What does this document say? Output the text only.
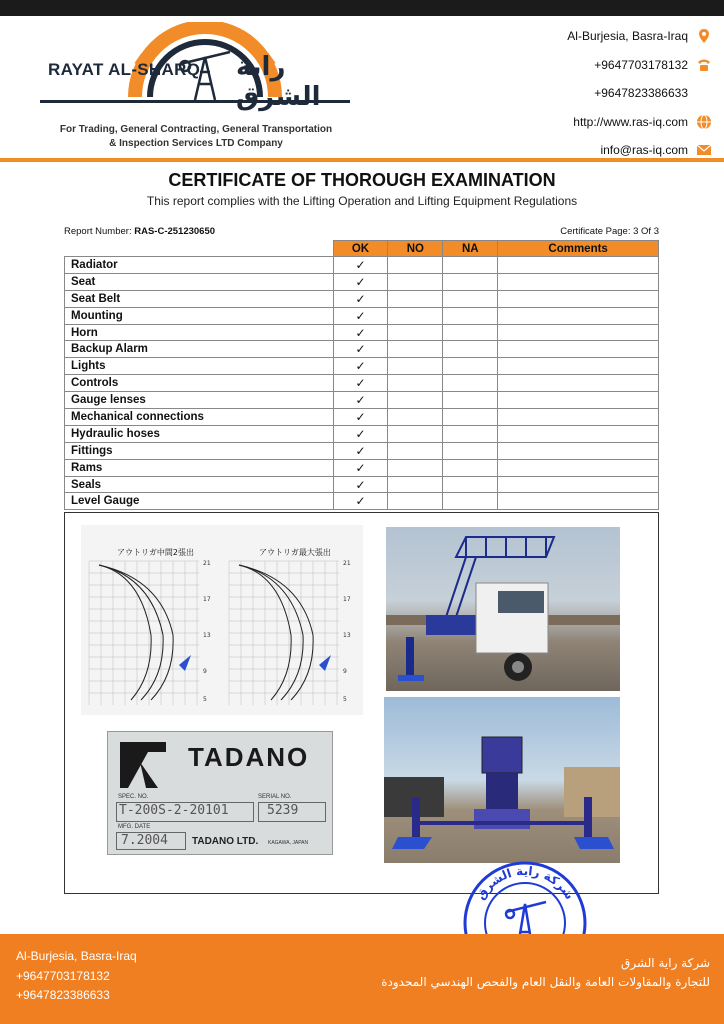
RAYAT AL-SHARQ راية الشرق
For Trading, General Contracting, General Transportation
& Inspection Services LTD Company
Al-Burjesia, Basra-Iraq
+9647703178132
+9647823386633
http://www.ras-iq.com
info@ras-iq.com
CERTIFICATE OF THOROUGH EXAMINATION
This report complies with the Lifting Operation and Lifting Equipment Regulations
Report Number: RAS-C-251230650	Certificate Page: 3 Of 3
	OK	NO	NA	Comments
Radiator	✓			
Seat	✓			
Seat Belt	✓			
Mounting	✓			
Horn	✓			
Backup Alarm	✓			
Lights	✓			
Controls	✓			
Gauge lenses	✓			
Mechanical connections	✓			
Hydraulic hoses	✓			
Fittings	✓			
Rams	✓			
Seals	✓			
Level Gauge	✓			
アウトリガ中間2張出	アウトリガ最大張出
21
17
13
9
5
21
17
13
9
5
TADANO
SPEC. NO.
T-200S-2-20101
SERIAL NO.
5239
MFG. DATE
7.2004	TADANO LTD. KAGAWA, JAPAN
شركة راية الشرق
Al-Burjesia, Basra-Iraq
+9647703178132
+9647823386633
شركة راية الشرق
للتجارة والمقاولات العامة والنقل العام والفحص الهندسي المحدودة
